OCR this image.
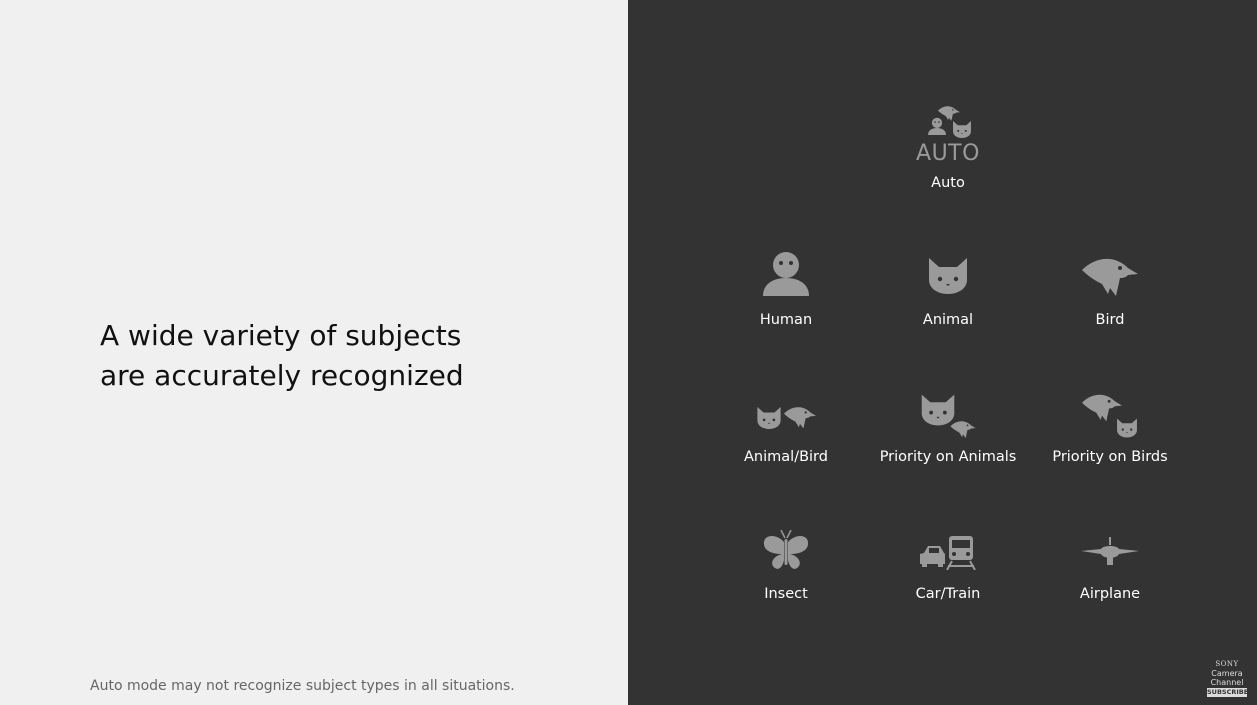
A wide variety of subjects
are accurately recognized
Auto mode may not recognize subject types in all situations.
AUTO
Auto
Human	Animal	Bird
Animal/Bird	Priority on Animals	Priority on Birds
Insect	Car/Train	Airplane
SONY
Camera
Channel
SUBSCRIBE
